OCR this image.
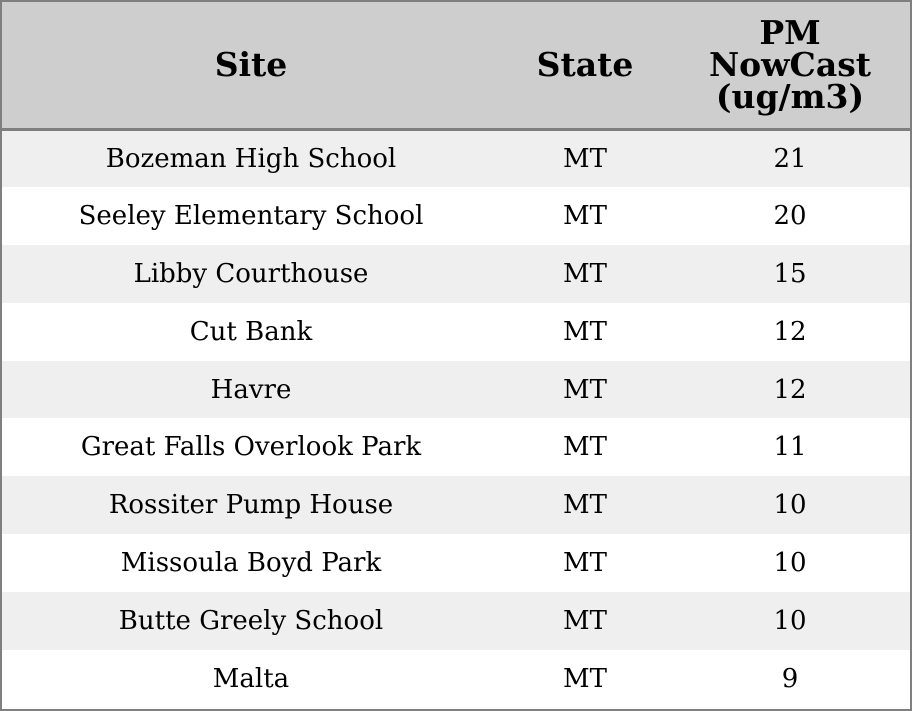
Site	State	PM
NowCast
(ug/m3)

Bozeman High School	MT	21
Seeley Elementary School	MT	20
Libby Courthouse	MT	15
Cut Bank	MT	12
Havre	MT	12
Great Falls Overlook Park	MT	11
Rossiter Pump House	MT	10
Missoula Boyd Park	MT	10
Butte Greely School	MT	10
Malta	MT	9
